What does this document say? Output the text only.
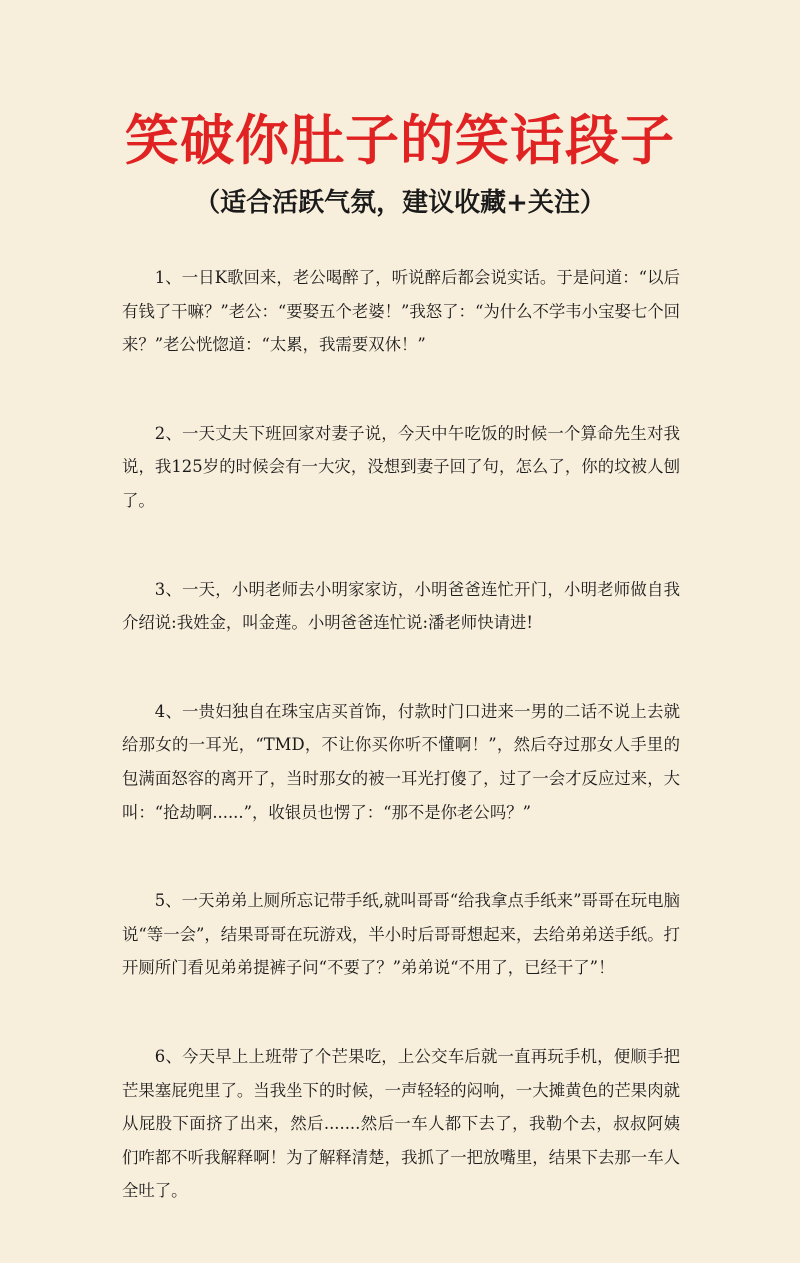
笑破你肚子的笑话段子
（适合活跃气氛，建议收藏+关注）

1、一日K歌回来，老公喝醉了，听说醉后都会说实话。于是问道：“以后有钱了干嘛？”老公：“要娶五个老婆！”我怒了：“为什么不学韦小宝娶七个回来？”老公恍惚道：“太累，我需要双休！”

2、一天丈夫下班回家对妻子说，今天中午吃饭的时候一个算命先生对我说，我125岁的时候会有一大灾，没想到妻子回了句，怎么了，你的坟被人刨了。

3、一天，小明老师去小明家家访，小明爸爸连忙开门，小明老师做自我介绍说:我姓金，叫金莲。小明爸爸连忙说:潘老师快请进!

4、一贵妇独自在珠宝店买首饰，付款时门口进来一男的二话不说上去就给那女的一耳光，“TMD，不让你买你听不懂啊！”，然后夺过那女人手里的包满面怒容的离开了，当时那女的被一耳光打傻了，过了一会才反应过来，大叫：“抢劫啊......”，收银员也愣了：“那不是你老公吗？”

5、一天弟弟上厕所忘记带手纸,就叫哥哥“给我拿点手纸来”哥哥在玩电脑说“等一会”，结果哥哥在玩游戏，半小时后哥哥想起来，去给弟弟送手纸。打开厕所门看见弟弟提裤子问“不要了？”弟弟说“不用了，已经干了”！

6、今天早上上班带了个芒果吃，上公交车后就一直再玩手机，便顺手把芒果塞屁兜里了。当我坐下的时候，一声轻轻的闷响，一大摊黄色的芒果肉就从屁股下面挤了出来，然后.......然后一车人都下去了，我勒个去，叔叔阿姨们咋都不听我解释啊！为了解释清楚，我抓了一把放嘴里，结果下去那一车人全吐了。
